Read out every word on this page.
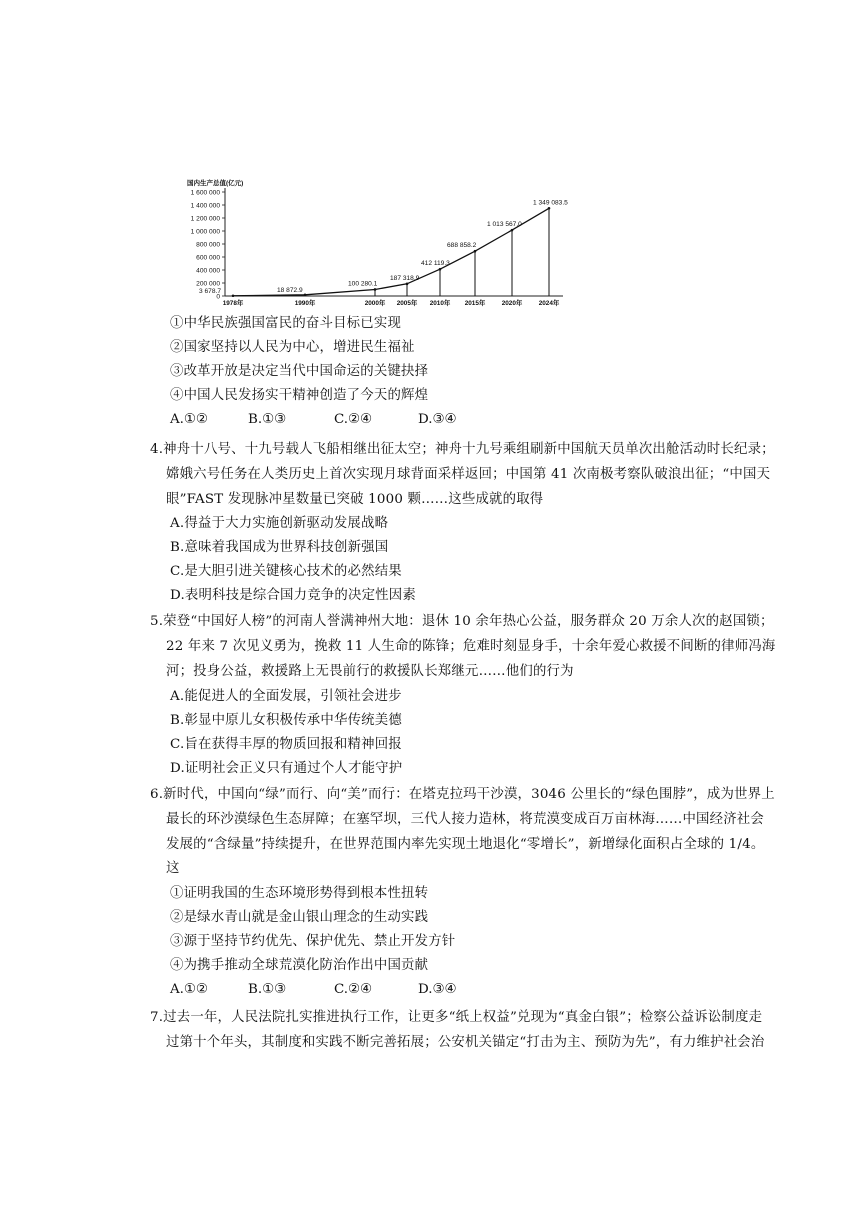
国内生产总值(亿元)
1 600 000
1 400 000
1 200 000
1 000 000
800 000
600 000
400 000
200 000
0
3 678.7
1978年
18 872.9
1990年
100 280.1
2000年
187 318.9
2005年
412 119.3
2010年
688 858.2
2015年
1 013 567.0
2020年
1 349 083.5
2024年
①中华民族强国富民的奋斗目标已实现
②国家坚持以人民为中心，增进民生福祉
③改革开放是决定当代中国命运的关键抉择
④中国人民发扬实干精神创造了今天的辉煌
A.①②	B.①③	C.②④	D.③④
4.神舟十八号、十九号载人飞船相继出征太空；神舟十九号乘组刷新中国航天员单次出舱活动时长纪录；
嫦娥六号任务在人类历史上首次实现月球背面采样返回；中国第 41 次南极考察队破浪出征；“中国天
眼”FAST 发现脉冲星数量已突破 1000 颗……这些成就的取得
A.得益于大力实施创新驱动发展战略
B.意味着我国成为世界科技创新强国
C.是大胆引进关键核心技术的必然结果
D.表明科技是综合国力竞争的决定性因素
5.荣登“中国好人榜”的河南人誉满神州大地：退休 10 余年热心公益，服务群众 20 万余人次的赵国锁；
22 年来 7 次见义勇为，挽救 11 人生命的陈锋；危难时刻显身手，十余年爱心救援不间断的律师冯海
河；投身公益，救援路上无畏前行的救援队长郑继元……他们的行为
A.能促进人的全面发展，引领社会进步
B.彰显中原儿女积极传承中华传统美德
C.旨在获得丰厚的物质回报和精神回报
D.证明社会正义只有通过个人才能守护
6.新时代，中国向“绿”而行、向“美”而行：在塔克拉玛干沙漠，3046 公里长的“绿色围脖”，成为世界上
最长的环沙漠绿色生态屏障；在塞罕坝，三代人接力造林，将荒漠变成百万亩林海……中国经济社会
发展的“含绿量”持续提升，在世界范围内率先实现土地退化“零增长”，新增绿化面积占全球的 1/4。
这
①证明我国的生态环境形势得到根本性扭转
②是绿水青山就是金山银山理念的生动实践
③源于坚持节约优先、保护优先、禁止开发方针
④为携手推动全球荒漠化防治作出中国贡献
A.①②	B.①③	C.②④	D.③④
7.过去一年，人民法院扎实推进执行工作，让更多“纸上权益”兑现为“真金白银”；检察公益诉讼制度走
过第十个年头，其制度和实践不断完善拓展；公安机关锚定“打击为主、预防为先”，有力维护社会治
